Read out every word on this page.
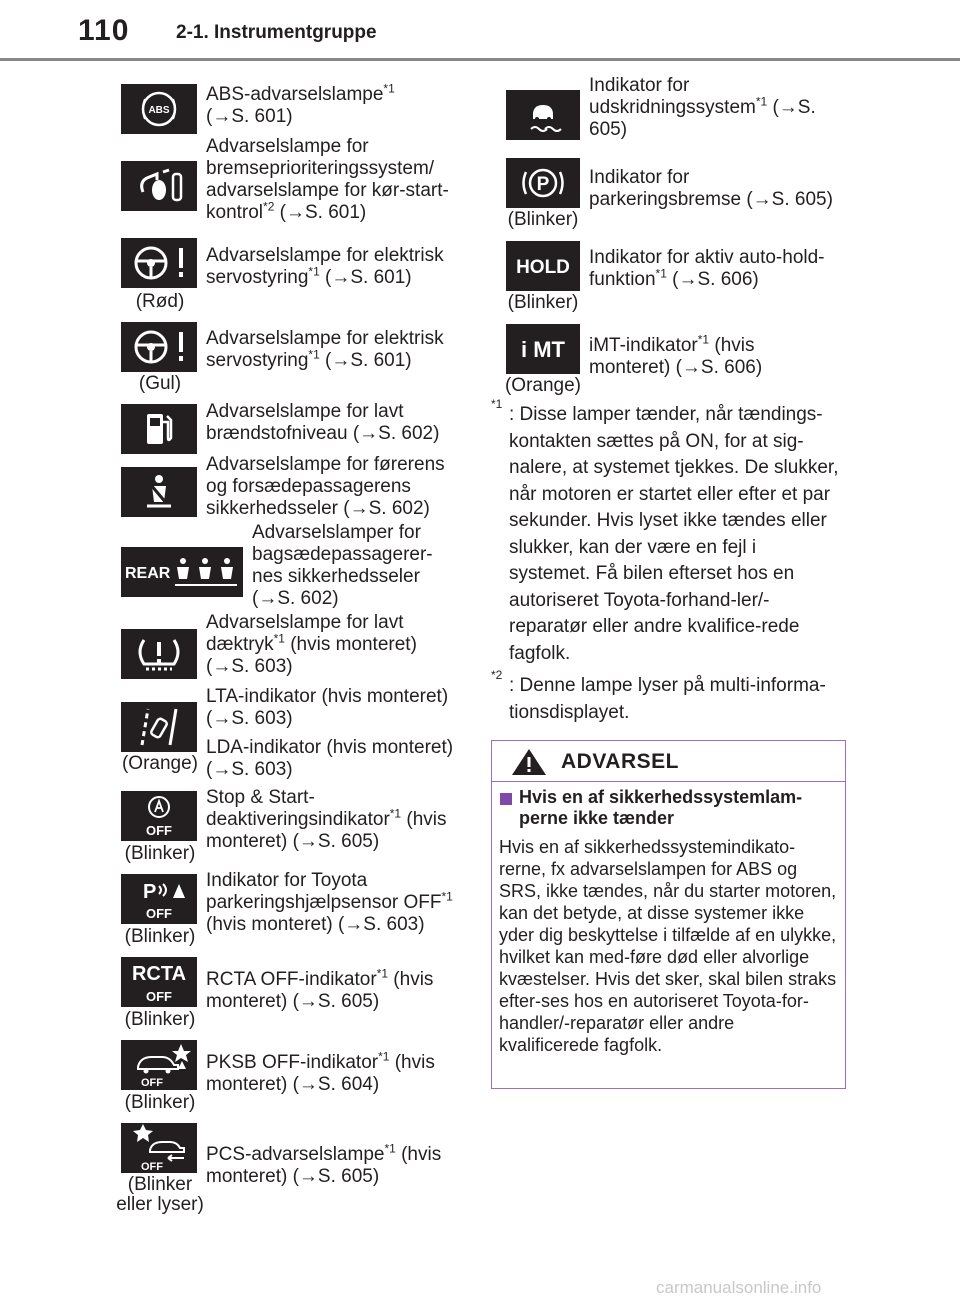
110 2-1. Instrumentgruppe
ABS
ABS-advarselslampe$^{*1}$
(→S. 601)
Advarselslampe for bremseprioriteringssystem/ advarselslampe for kør-start-kontrol$^{*2}$ (→S. 601)
(Rød)
Advarselslampe for elektrisk servostyring$^{*1}$ (→S. 601)
(Gul)
Advarselslampe for elektrisk servostyring$^{*1}$ (→S. 601)
Advarselslampe for lavt brændstofniveau (→S. 602)
Advarselslampe for førerens og forsædepassagerens sikkerhedsseler (→S. 602)
REAR
Advarselslamper for bagsædepassagerer-nes sikkerhedsseler (→S. 602)
Advarselslampe for lavt dæktryk$^{*1}$ (hvis monteret) (→S. 603)
(Orange)
LTA-indikator (hvis monteret) (→S. 603)
LDA-indikator (hvis monteret) (→S. 603)
OFF
(Blinker)
Stop & Start-deaktiveringsindikator$^{*1}$ (hvis monteret) (→S. 605)
P
OFF
(Blinker)
Indikator for Toyota parkeringshjælpsensor OFF$^{*1}$ (hvis monteret) (→S. 603)
RCTA
OFF
(Blinker)
RCTA OFF-indikator$^{*1}$ (hvis monteret) (→S. 605)
OFF
(Blinker)
PKSB OFF-indikator$^{*1}$ (hvis monteret) (→S. 604)
OFF
(Blinker eller lyser)
PCS-advarselslampe$^{*1}$ (hvis monteret) (→S. 605)
Indikator for udskridningssystem$^{*1}$ (→S. 605)
P
(Blinker)
Indikator for parkeringsbremse (→S. 605)
HOLD
(Blinker)
Indikator for aktiv auto-hold-funktion$^{*1}$ (→S. 606)
i MT
(Orange)
iMT-indikator$^{*1}$ (hvis monteret) (→S. 606)
*1 : Disse lamper tænder, når tændings-kontakten sættes på ON, for at sig-nalere, at systemet tjekkes. De slukker, når motoren er startet eller efter et par sekunder. Hvis lyset ikke tændes eller slukker, kan der være en fejl i systemet. Få bilen efterset hos en autoriseret Toyota-forhand-ler/-reparatør eller andre kvalifice-rede fagfolk.
*2 : Denne lampe lyser på multi-informa-tionsdisplayet.
ADVARSEL
Hvis en af sikkerhedssystemlam-perne ikke tænder
Hvis en af sikkerhedssystemindikato-rerne, fx advarselslampen for ABS og SRS, ikke tændes, når du starter motoren, kan det betyde, at disse systemer ikke yder dig beskyttelse i tilfælde af en ulykke, hvilket kan med-føre død eller alvorlige kvæstelser. Hvis det sker, skal bilen straks efter-ses hos en autoriseret Toyota-for-handler/-reparatør eller andre kvalificerede fagfolk.
carmanualsonline.info
